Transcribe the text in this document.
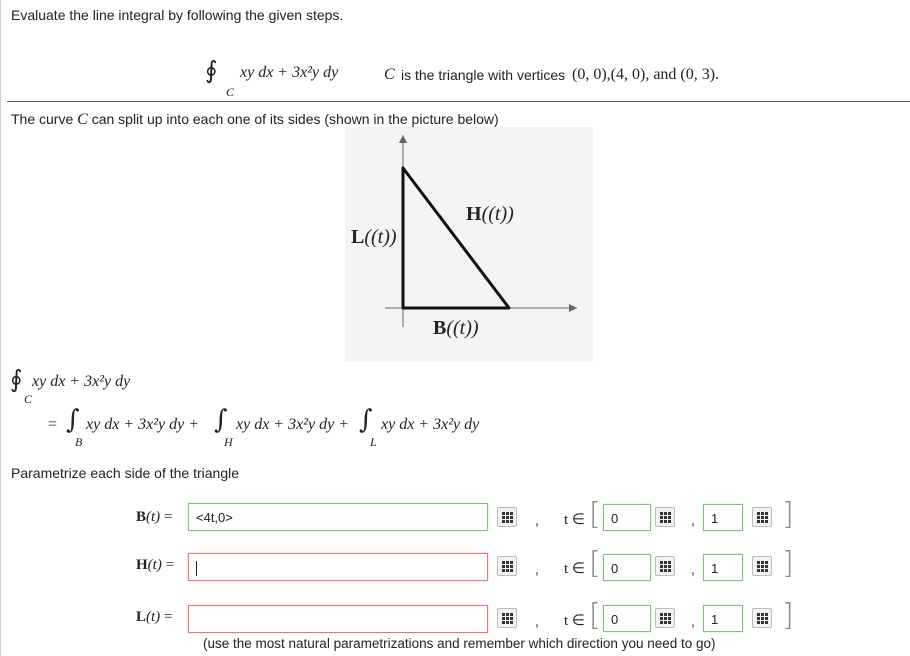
Evaluate the line integral by following the given steps.
∮
C
xy dx + 3x²y dy	C is the triangle with vertices (0, 0),(4, 0), and (0, 3).
The curve C can split up into each one of its sides (shown in the picture below)
H((t))
L((t))
B((t))
∮
C
xy dx + 3x²y dy
= ∫
B
xy dx + 3x²y dy + ∫
H
xy dx + 3x²y dy + ∫
L
xy dx + 3x²y dy
Parametrize each side of the triangle
B(t) =	<4t,0>	, t ∈ [ 0	,	1	]
H(t) =	, t ∈ [ 0	,	1	]
L(t) =	, t ∈ [ 0	,	1	]
(use the most natural parametrizations and remember which direction you need to go)
